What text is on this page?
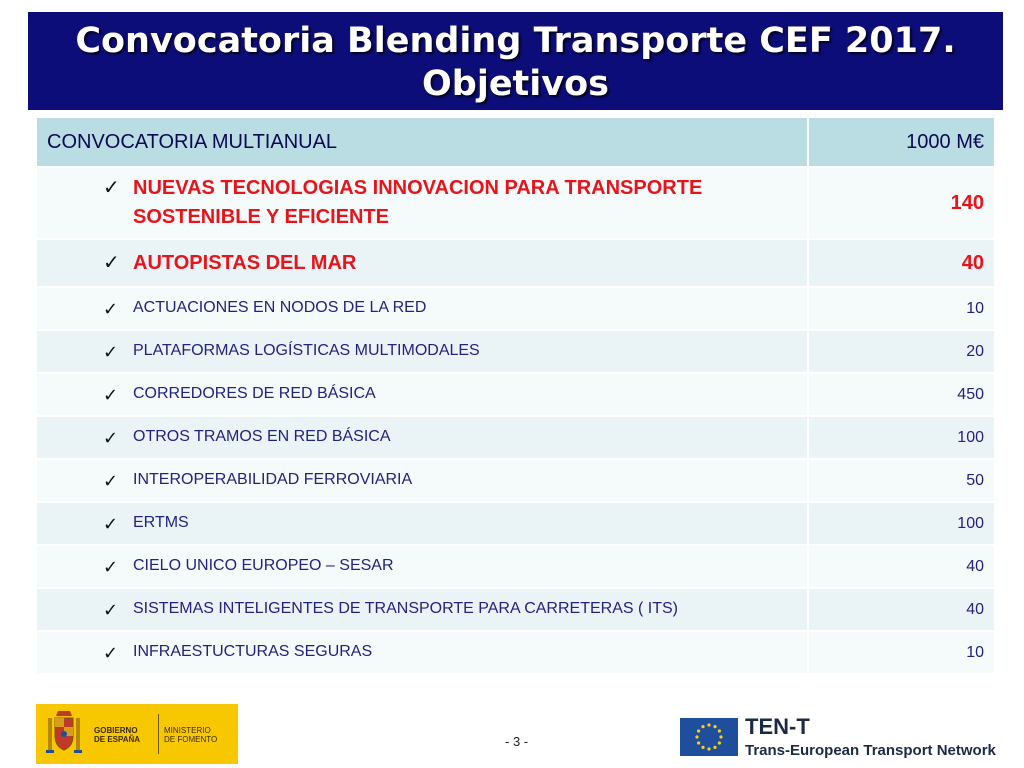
Convocatoria Blending Transporte CEF 2017.
Objetivos
CONVOCATORIA MULTIANUAL	1000 M€

✓ NUEVAS TECNOLOGIAS INNOVACION PARA TRANSPORTE SOSTENIBLE Y EFICIENTE	140

✓ AUTOPISTAS DEL MAR	40

✓ ACTUACIONES EN NODOS DE LA RED	10

✓ PLATAFORMAS LOGÍSTICAS MULTIMODALES	20

✓ CORREDORES DE RED BÁSICA	450

✓ OTROS TRAMOS EN RED BÁSICA	100

✓ INTEROPERABILIDAD FERROVIARIA	50

✓ ERTMS	100

✓ CIELO UNICO EUROPEO – SESAR	40

✓ SISTEMAS INTELIGENTES DE TRANSPORTE PARA CARRETERAS ( ITS)	40

✓ INFRAESTUCTURAS SEGURAS	10
GOBIERNO
DE ESPAÑA
MINISTERIO
DE FOMENTO	- 3 -
TEN-T
Trans-European Transport Network
